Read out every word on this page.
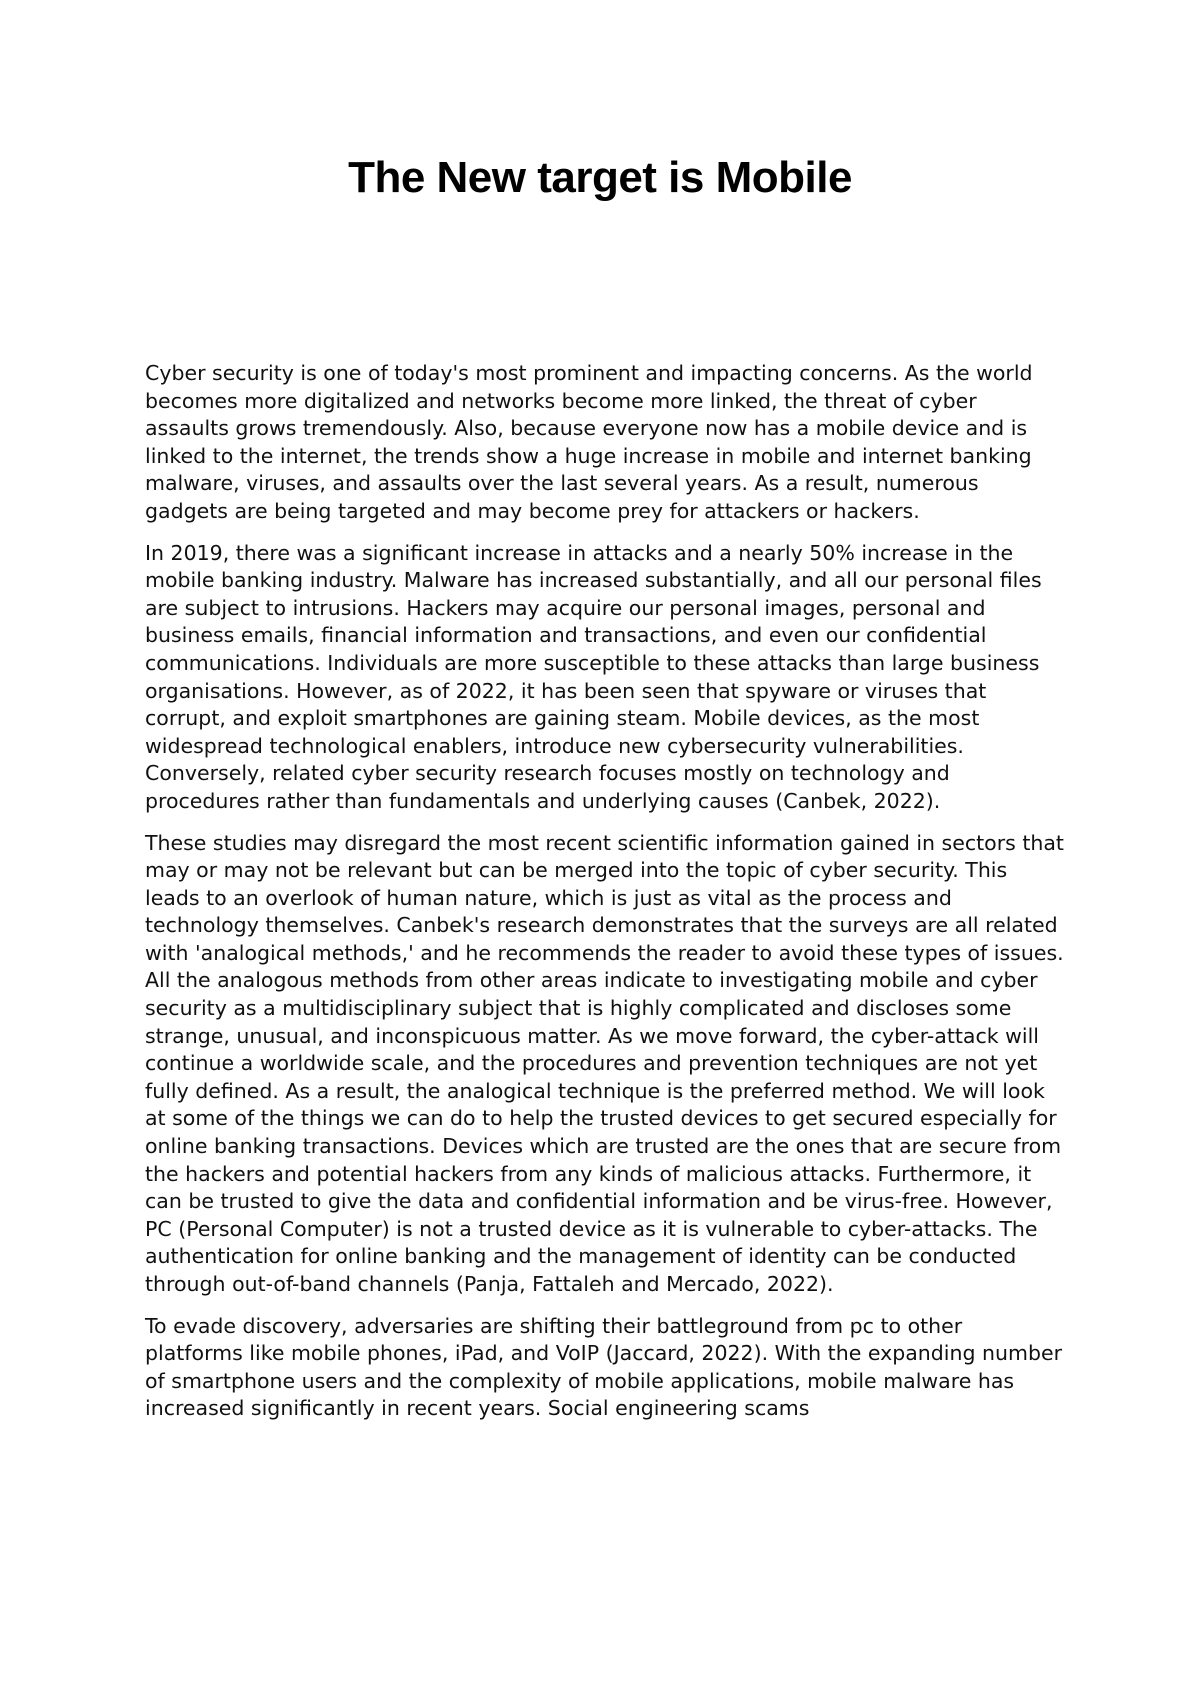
The New target is Mobile

Cyber security is one of today's most prominent and impacting concerns. As the world becomes more digitalized and networks become more linked, the threat of cyber assaults grows tremendously. Also, because everyone now has a mobile device and is linked to the internet, the trends show a huge increase in mobile and internet banking malware, viruses, and assaults over the last several years. As a result, numerous gadgets are being targeted and may become prey for attackers or hackers.

In 2019, there was a significant increase in attacks and a nearly 50% increase in the mobile banking industry. Malware has increased substantially, and all our personal files are subject to intrusions. Hackers may acquire our personal images, personal and business emails, financial information and transactions, and even our confidential communications. Individuals are more susceptible to these attacks than large business organisations. However, as of 2022, it has been seen that spyware or viruses that corrupt, and exploit smartphones are gaining steam. Mobile devices, as the most widespread technological enablers, introduce new cybersecurity vulnerabilities. Conversely, related cyber security research focuses mostly on technology and procedures rather than fundamentals and underlying causes (Canbek, 2022).

These studies may disregard the most recent scientific information gained in sectors that may or may not be relevant but can be merged into the topic of cyber security. This leads to an overlook of human nature, which is just as vital as the process and technology themselves. Canbek's research demonstrates that the surveys are all related with 'analogical methods,' and he recommends the reader to avoid these types of issues. All the analogous methods from other areas indicate to investigating mobile and cyber security as a multidisciplinary subject that is highly complicated and discloses some strange, unusual, and inconspicuous matter. As we move forward, the cyber-attack will continue a worldwide scale, and the procedures and prevention techniques are not yet fully defined. As a result, the analogical technique is the preferred method. We will look at some of the things we can do to help the trusted devices to get secured especially for online banking transactions. Devices which are trusted are the ones that are secure from the hackers and potential hackers from any kinds of malicious attacks. Furthermore, it can be trusted to give the data and confidential information and be virus-free. However, PC (Personal Computer) is not a trusted device as it is vulnerable to cyber-attacks. The authentication for online banking and the management of identity can be conducted through out-of-band channels (Panja, Fattaleh and Mercado, 2022).

To evade discovery, adversaries are shifting their battleground from pc to other platforms like mobile phones, iPad, and VoIP (Jaccard, 2022). With the expanding number of smartphone users and the complexity of mobile applications, mobile malware has increased significantly in recent years. Social engineering scams
